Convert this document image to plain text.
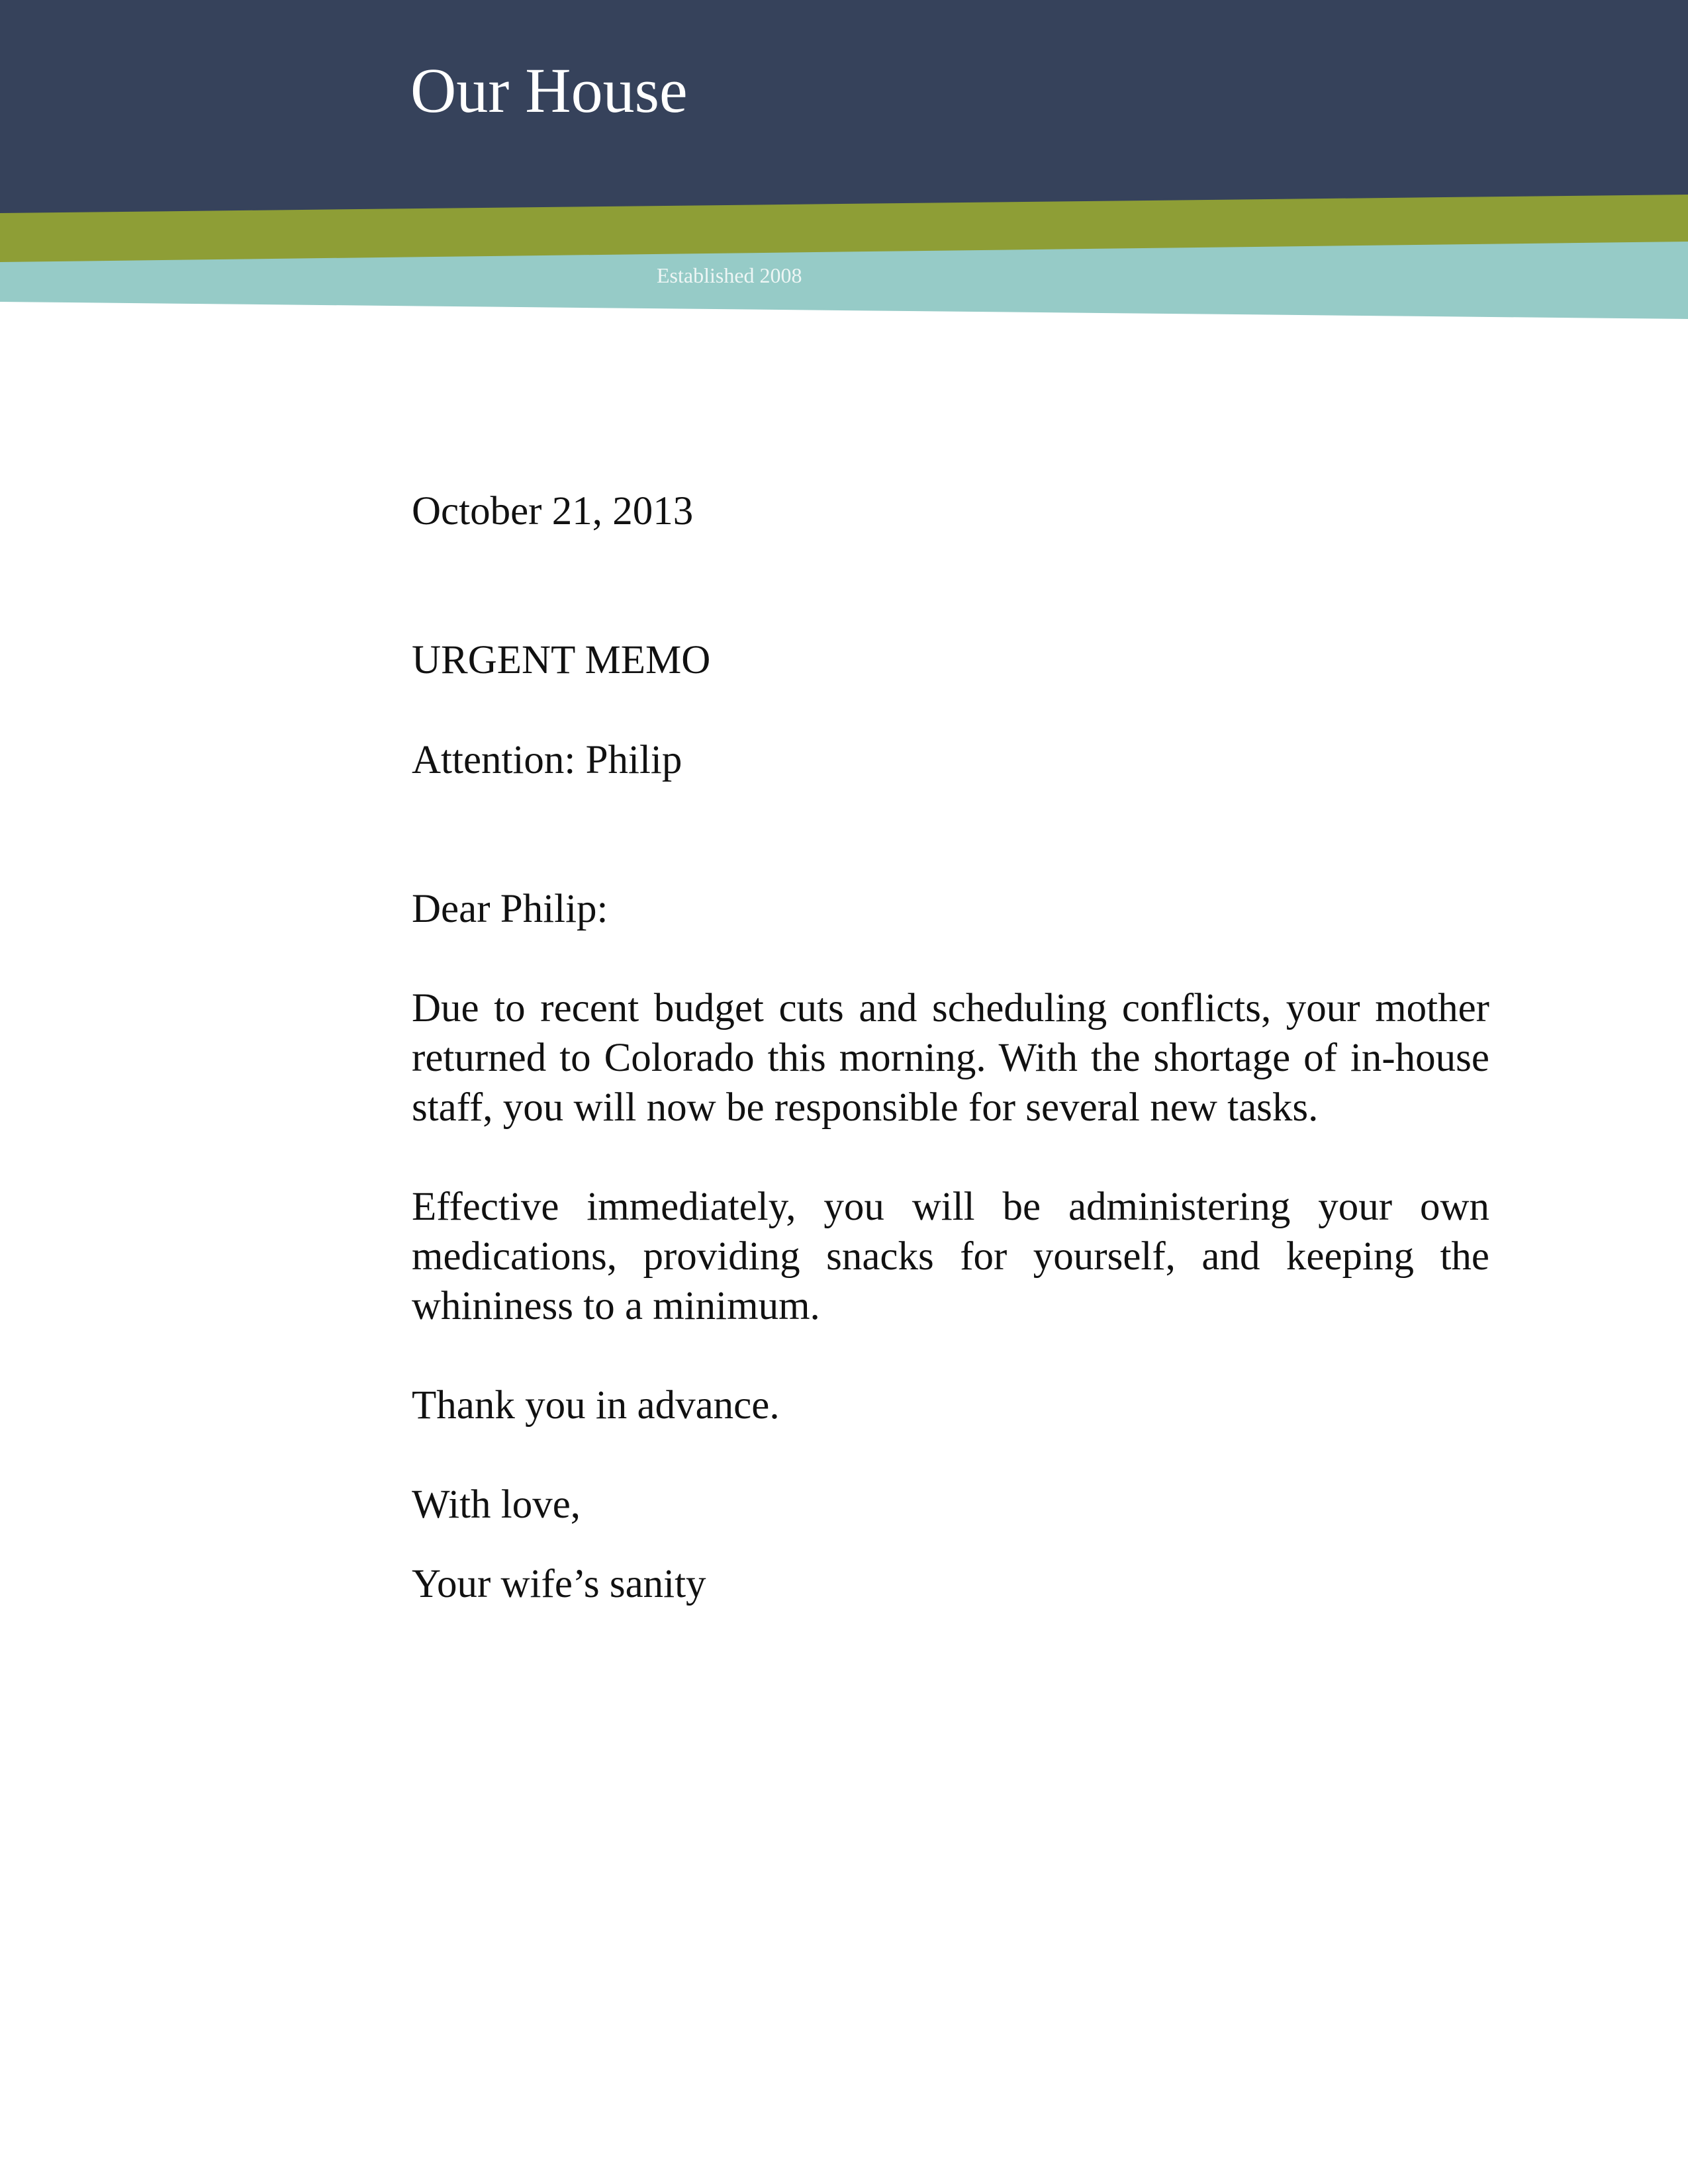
Our House
Established 2008

October 21, 2013

URGENT MEMO

Attention: Philip

Dear Philip:

Due to recent budget cuts and scheduling conflicts, your mother returned to Colorado this morning. With the shortage of in-house staff, you will now be responsible for several new tasks.

Effective immediately, you will be administering your own medications, providing snacks for yourself, and keeping the whininess to a minimum.

Thank you in advance.

With love,

Your wife’s sanity
